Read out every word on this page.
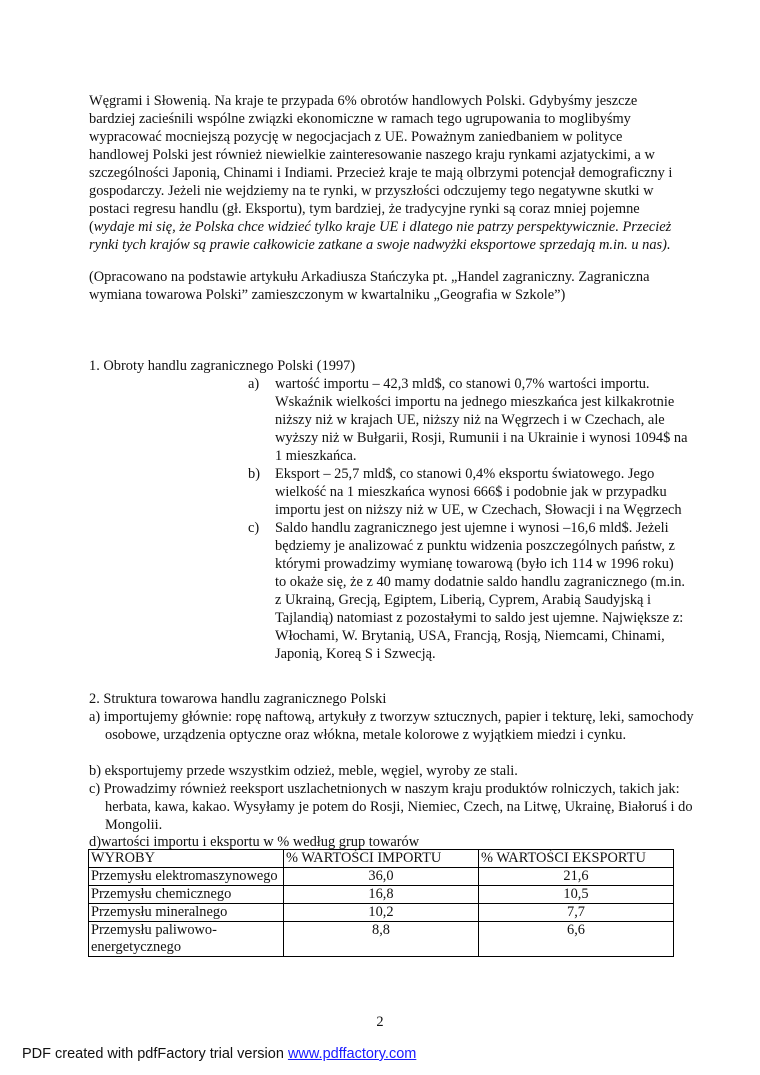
Węgrami i Słowenią. Na kraje te przypada 6% obrotów handlowych Polski. Gdybyśmy jeszcze bardziej zacieśnili wspólne związki ekonomiczne w ramach tego ugrupowania to moglibyśmy wypracować mocniejszą pozycję w negocjacjach z UE. Poważnym zaniedbaniem w polityce handlowej Polski jest również niewielkie zainteresowanie naszego kraju rynkami azjatyckimi, a w szczególności Japonią, Chinami i Indiami. Przecież kraje te mają olbrzymi potencjał demograficzny i gospodarczy. Jeżeli nie wejdziemy na te rynki, w przyszłości odczujemy tego negatywne skutki w postaci regresu handlu (gł. Eksportu), tym bardziej, że tradycyjne rynki są coraz mniej pojemne (wydaje mi się, że Polska chce widzieć tylko kraje UE i dlatego nie patrzy perspektywicznie. Przecież rynki tych krajów są prawie całkowicie zatkane a swoje nadwyżki eksportowe sprzedają m.in. u nas).

(Opracowano na podstawie artykułu Arkadiusza Stańczyka pt. „Handel zagraniczny. Zagraniczna wymiana towarowa Polski” zamieszczonym w kwartalniku „Geografia w Szkole”)

1. Obroty handlu zagranicznego Polski (1997)

a)	wartość importu – 42,3 mld$, co stanowi 0,7% wartości importu. Wskaźnik wielkości importu na jednego mieszkańca jest kilkakrotnie niższy niż w krajach UE, niższy niż na Węgrzech i w Czechach, ale wyższy niż w Bułgarii, Rosji, Rumunii i na Ukrainie i wynosi 1094$ na 1 mieszkańca.
b)	Eksport – 25,7 mld$, co stanowi 0,4% eksportu światowego. Jego wielkość na 1 mieszkańca wynosi 666$ i podobnie jak w przypadku importu jest on niższy niż w UE, w Czechach, Słowacji i na Węgrzech
c)	Saldo handlu zagranicznego jest ujemne i wynosi –16,6 mld$. Jeżeli będziemy je analizować z punktu widzenia poszczególnych państw, z którymi prowadzimy wymianę towarową (było ich 114 w 1996 roku) to okaże się, że z 40 mamy dodatnie saldo handlu zagranicznego (m.in. z Ukrainą, Grecją, Egiptem, Liberią, Cyprem, Arabią Saudyjską i Tajlandią) natomiast z pozostałymi to saldo jest ujemne. Największe z: Włochami, W. Brytanią, USA, Francją, Rosją, Niemcami, Chinami, Japonią, Koreą S i Szwecją.

2. Struktura towarowa handlu zagranicznego Polski

a) importujemy głównie: ropę naftową, artykuły z tworzyw sztucznych, papier i tekturę, leki, samochody osobowe, urządzenia optyczne oraz włókna, metale kolorowe z wyjątkiem miedzi i cynku.

b) eksportujemy przede wszystkim odzież, meble, węgiel, wyroby ze stali.

c) Prowadzimy również reeksport uszlachetnionych w naszym kraju produktów rolniczych, takich jak: herbata, kawa, kakao. Wysyłamy je potem do Rosji, Niemiec, Czech, na Litwę, Ukrainę, Białoruś i do Mongolii.

d)wartości importu i eksportu w % według grup towarów

WYROBY	% WARTOŚCI IMPORTU	% WARTOŚCI EKSPORTU
Przemysłu elektromaszynowego	36,0	21,6
Przemysłu chemicznego	16,8	10,5
Przemysłu mineralnego	10,2	7,7
Przemysłu paliwowo-energetycznego	8,8	6,6

2

PDF created with pdfFactory trial version www.pdffactory.com
